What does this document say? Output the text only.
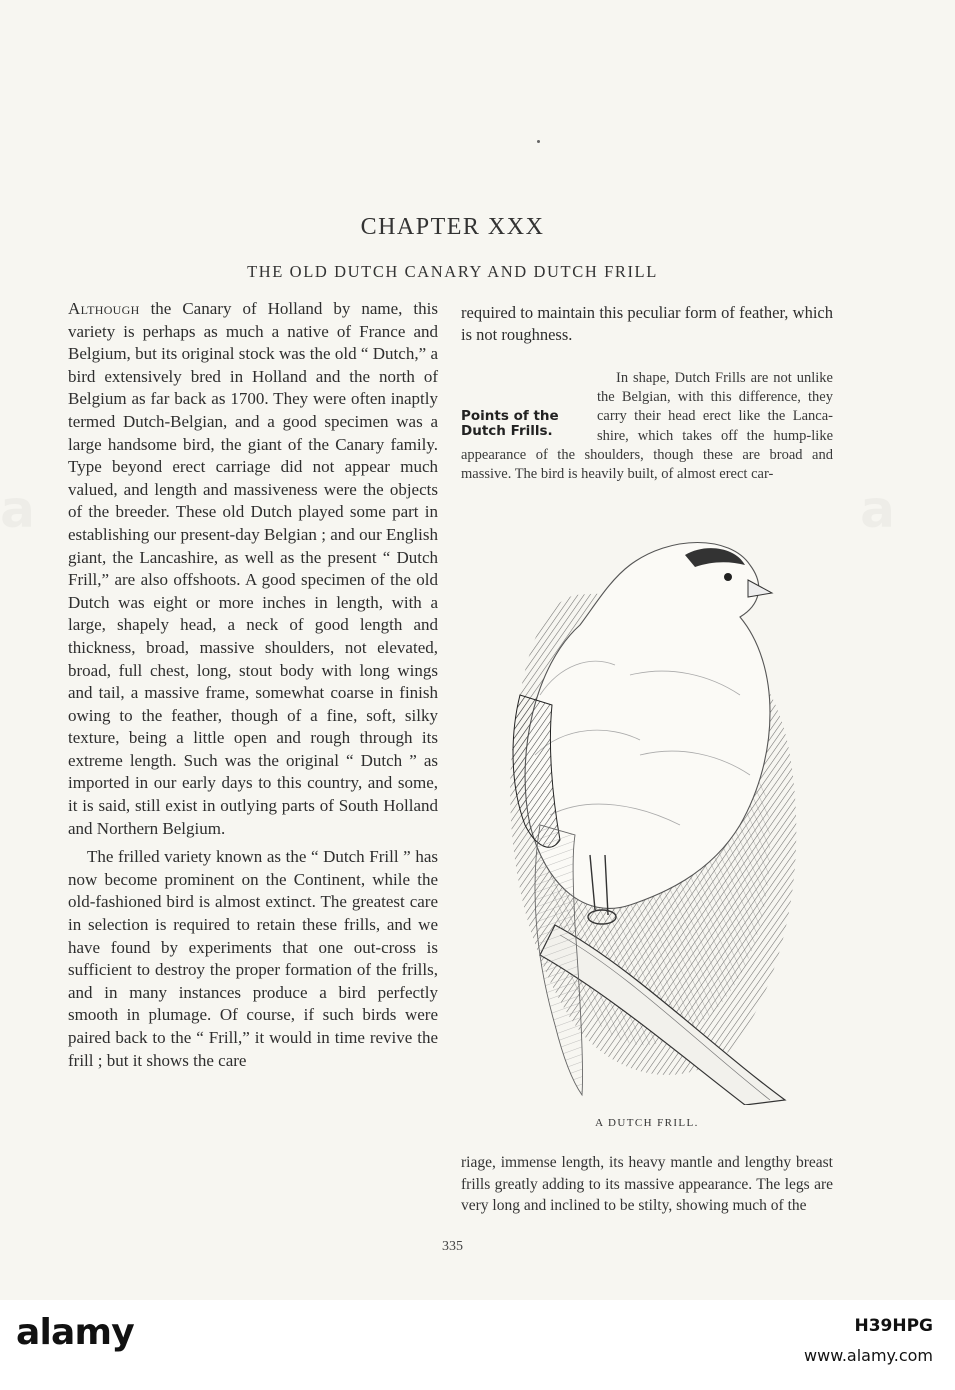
CHAPTER XXX
THE OLD DUTCH CANARY AND DUTCH FRILL

Although the Canary of Holland by name, this variety is perhaps as much a native of France and Belgium, but its original stock was the old “ Dutch,” a bird extensively bred in Holland and the north of Belgium as far back as 1700. They were often inaptly termed Dutch-Belgian, and a good specimen was a large handsome bird, the giant of the Canary family. Type beyond erect carriage did not appear much valued, and length and massiveness were the objects of the breeder. These old Dutch played some part in establishing our present-day Belgian ; and our English giant, the Lancashire, as well as the present “ Dutch Frill,” are also offshoots. A good specimen of the old Dutch was eight or more inches in length, with a large, shapely head, a neck of good length and thickness, broad, massive shoulders, not elevated, broad, full chest, long, stout body with long wings and tail, a massive frame, somewhat coarse in finish owing to the feather, though of a fine, soft, silky texture, being a little open and rough through its extreme length. Such was the original “ Dutch ” as imported in our early days to this country, and some, it is said, still exist in outlying parts of South Holland and Northern Belgium.

The frilled variety known as the “ Dutch Frill ” has now become prominent on the Continent, while the old-fashioned bird is almost extinct. The greatest care in selection is required to retain these frills, and we have found by experiments that one out-cross is sufficient to destroy the proper formation of the frills, and in many instances produce a bird perfectly smooth in plumage. Of course, if such birds were paired back to the “ Frill,” it would in time revive the frill ; but it shows the care

required to maintain this peculiar form of feather, which is not roughness.

Points of the
Dutch Frills.

In shape, Dutch Frills are not unlike the Belgian, with this difference, they carry their head erect like the Lancashire, which takes off the hump-like appearance of the shoulders, though these are broad and massive. The bird is heavily built, of almost erect car-

A DUTCH FRILL.

riage, immense length, its heavy mantle and lengthy breast frills greatly adding to its massive appearance. The legs are very long and inclined to be stilty, showing much of the

335
alamy	H39HPG
www.alamy.com
